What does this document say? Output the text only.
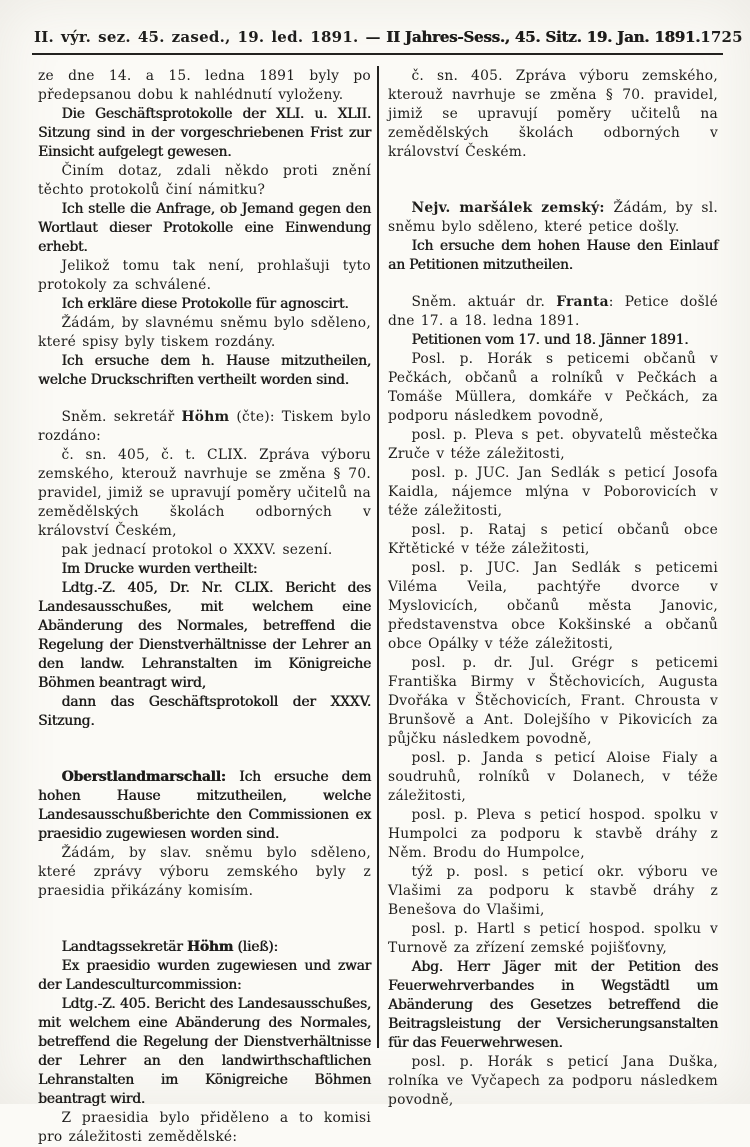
II. výr. sez. 45. zased., 19. led. 1891. — II Jahres-Sess., 45. Sitz. 19. Jan. 1891. 1725

ze dne 14. a 15. ledna 1891 byly po předepsanou dobu k nahlédnutí vyloženy.

Die Geschäftsprotokolle der XLI. u. XLII. Sitzung sind in der vorgeschriebenen Frist zur Einsicht aufgelegt gewesen.

Činím dotaz, zdali někdo proti znění těchto protokolů činí námitku?

Ich stelle die Anfrage, ob Jemand gegen den Wortlaut dieser Protokolle eine Einwendung erhebt.

Jelikož tomu tak není, prohlašuji tyto protokoly za schválené.

Ich erkläre diese Protokolle für agnoscirt.

Žádám, by slavnému sněmu bylo sděleno, které spisy byly tiskem rozdány.

Ich ersuche dem h. Hause mitzutheilen, welche Druckschriften vertheilt worden sind.

Sněm. sekretář Höhm (čte): Tiskem bylo rozdáno:

č. sn. 405, č. t. CLIX. Zpráva výboru zemského, kterouž navrhuje se změna § 70. pravidel, jimiž se upravují poměry učitelů na zemědělských školách odborných v království Českém,

pak jednací protokol o XXXV. sezení.

Im Drucke wurden vertheilt:

Ldtg.-Z. 405, Dr. Nr. CLIX. Bericht des Landesausschußes, mit welchem eine Abänderung des Normales, betreffend die Regelung der Dienstverhältnisse der Lehrer an den landw. Lehranstalten im Königreiche Böhmen beantragt wird,

dann das Geschäftsprotokoll der XXXV. Sitzung.

Oberstlandmarschall: Ich ersuche dem hohen Hause mitzutheilen, welche Landesausschußberichte den Commissionen ex praesidio zugewiesen worden sind.

Žádám, by slav. sněmu bylo sděleno, které zprávy výboru zemského byly z praesidia přikázány komisím.

Landtagssekretär Höhm (ließ):

Ex praesidio wurden zugewiesen und zwar der Landesculturcommission:

Ldtg.-Z. 405. Bericht des Landesausschußes, mit welchem eine Abänderung des Normales, betreffend die Regelung der Dienstverhältnisse der Lehrer an den landwirthschaftlichen Lehranstalten im Königreiche Böhmen beantragt wird.

Z praesidia bylo přiděleno a to komisi pro záležitosti zemědělské:

č. sn. 405. Zpráva výboru zemského, kterouž navrhuje se změna § 70. pravidel, jimiž se upravují poměry učitelů na zemědělských školách odborných v království Českém.

Nejv. maršálek zemský: Žádám, by sl. sněmu bylo sděleno, které petice došly.

Ich ersuche dem hohen Hause den Einlauf an Petitionen mitzutheilen.

Sněm. aktuár dr. Franta: Petice došlé dne 17. a 18. ledna 1891.

Petitionen vom 17. und 18. Jänner 1891.

Posl. p. Horák s peticemi občanů v Pečkách, občanů a rolníků v Pečkách a Tomáše Müllera, domkáře v Pečkách, za podporu následkem povodně,

posl. p. Pleva s pet. obyvatelů městečka Zruče v téže záležitosti,

posl. p. JUC. Jan Sedlák s peticí Josofa Kaidla, nájemce mlýna v Poborovicích v téže záležitosti,

posl. p. Rataj s peticí občanů obce Křtětické v téže záležitosti,

posl. p. JUC. Jan Sedlák s peticemi Viléma Veila, pachtýře dvorce v Myslovicích, občanů města Janovic, představenstva obce Kokšinské a občanů obce Opálky v téže záležitosti,

posl. p. dr. Jul. Grégr s peticemi Františka Birmy v Štěchovicích, Augusta Dvořáka v Štěchovicích, Frant. Chrousta v Brunšově a Ant. Dolejšího v Pikovicích za půjčku následkem povodně,

posl. p. Janda s peticí Aloise Fialy a soudruhů, rolníků v Dolanech, v téže záležitosti,

posl. p. Pleva s peticí hospod. spolku v Humpolci za podporu k stavbě dráhy z Něm. Brodu do Humpolce,

týž p. posl. s peticí okr. výboru ve Vlašimi za podporu k stavbě dráhy z Benešova do Vlašimi,

posl. p. Hartl s peticí hospod. spolku v Turnově za zřízení zemské pojišťovny,

Abg. Herr Jäger mit der Petition des Feuerwehrverbandes in Wegstädtl um Abänderung des Gesetzes betreffend die Beitragsleistung der Versicherungsanstalten für das Feuerwehrwesen.

posl. p. Horák s peticí Jana Duška, rolníka ve Vyčapech za podporu následkem povodně,
